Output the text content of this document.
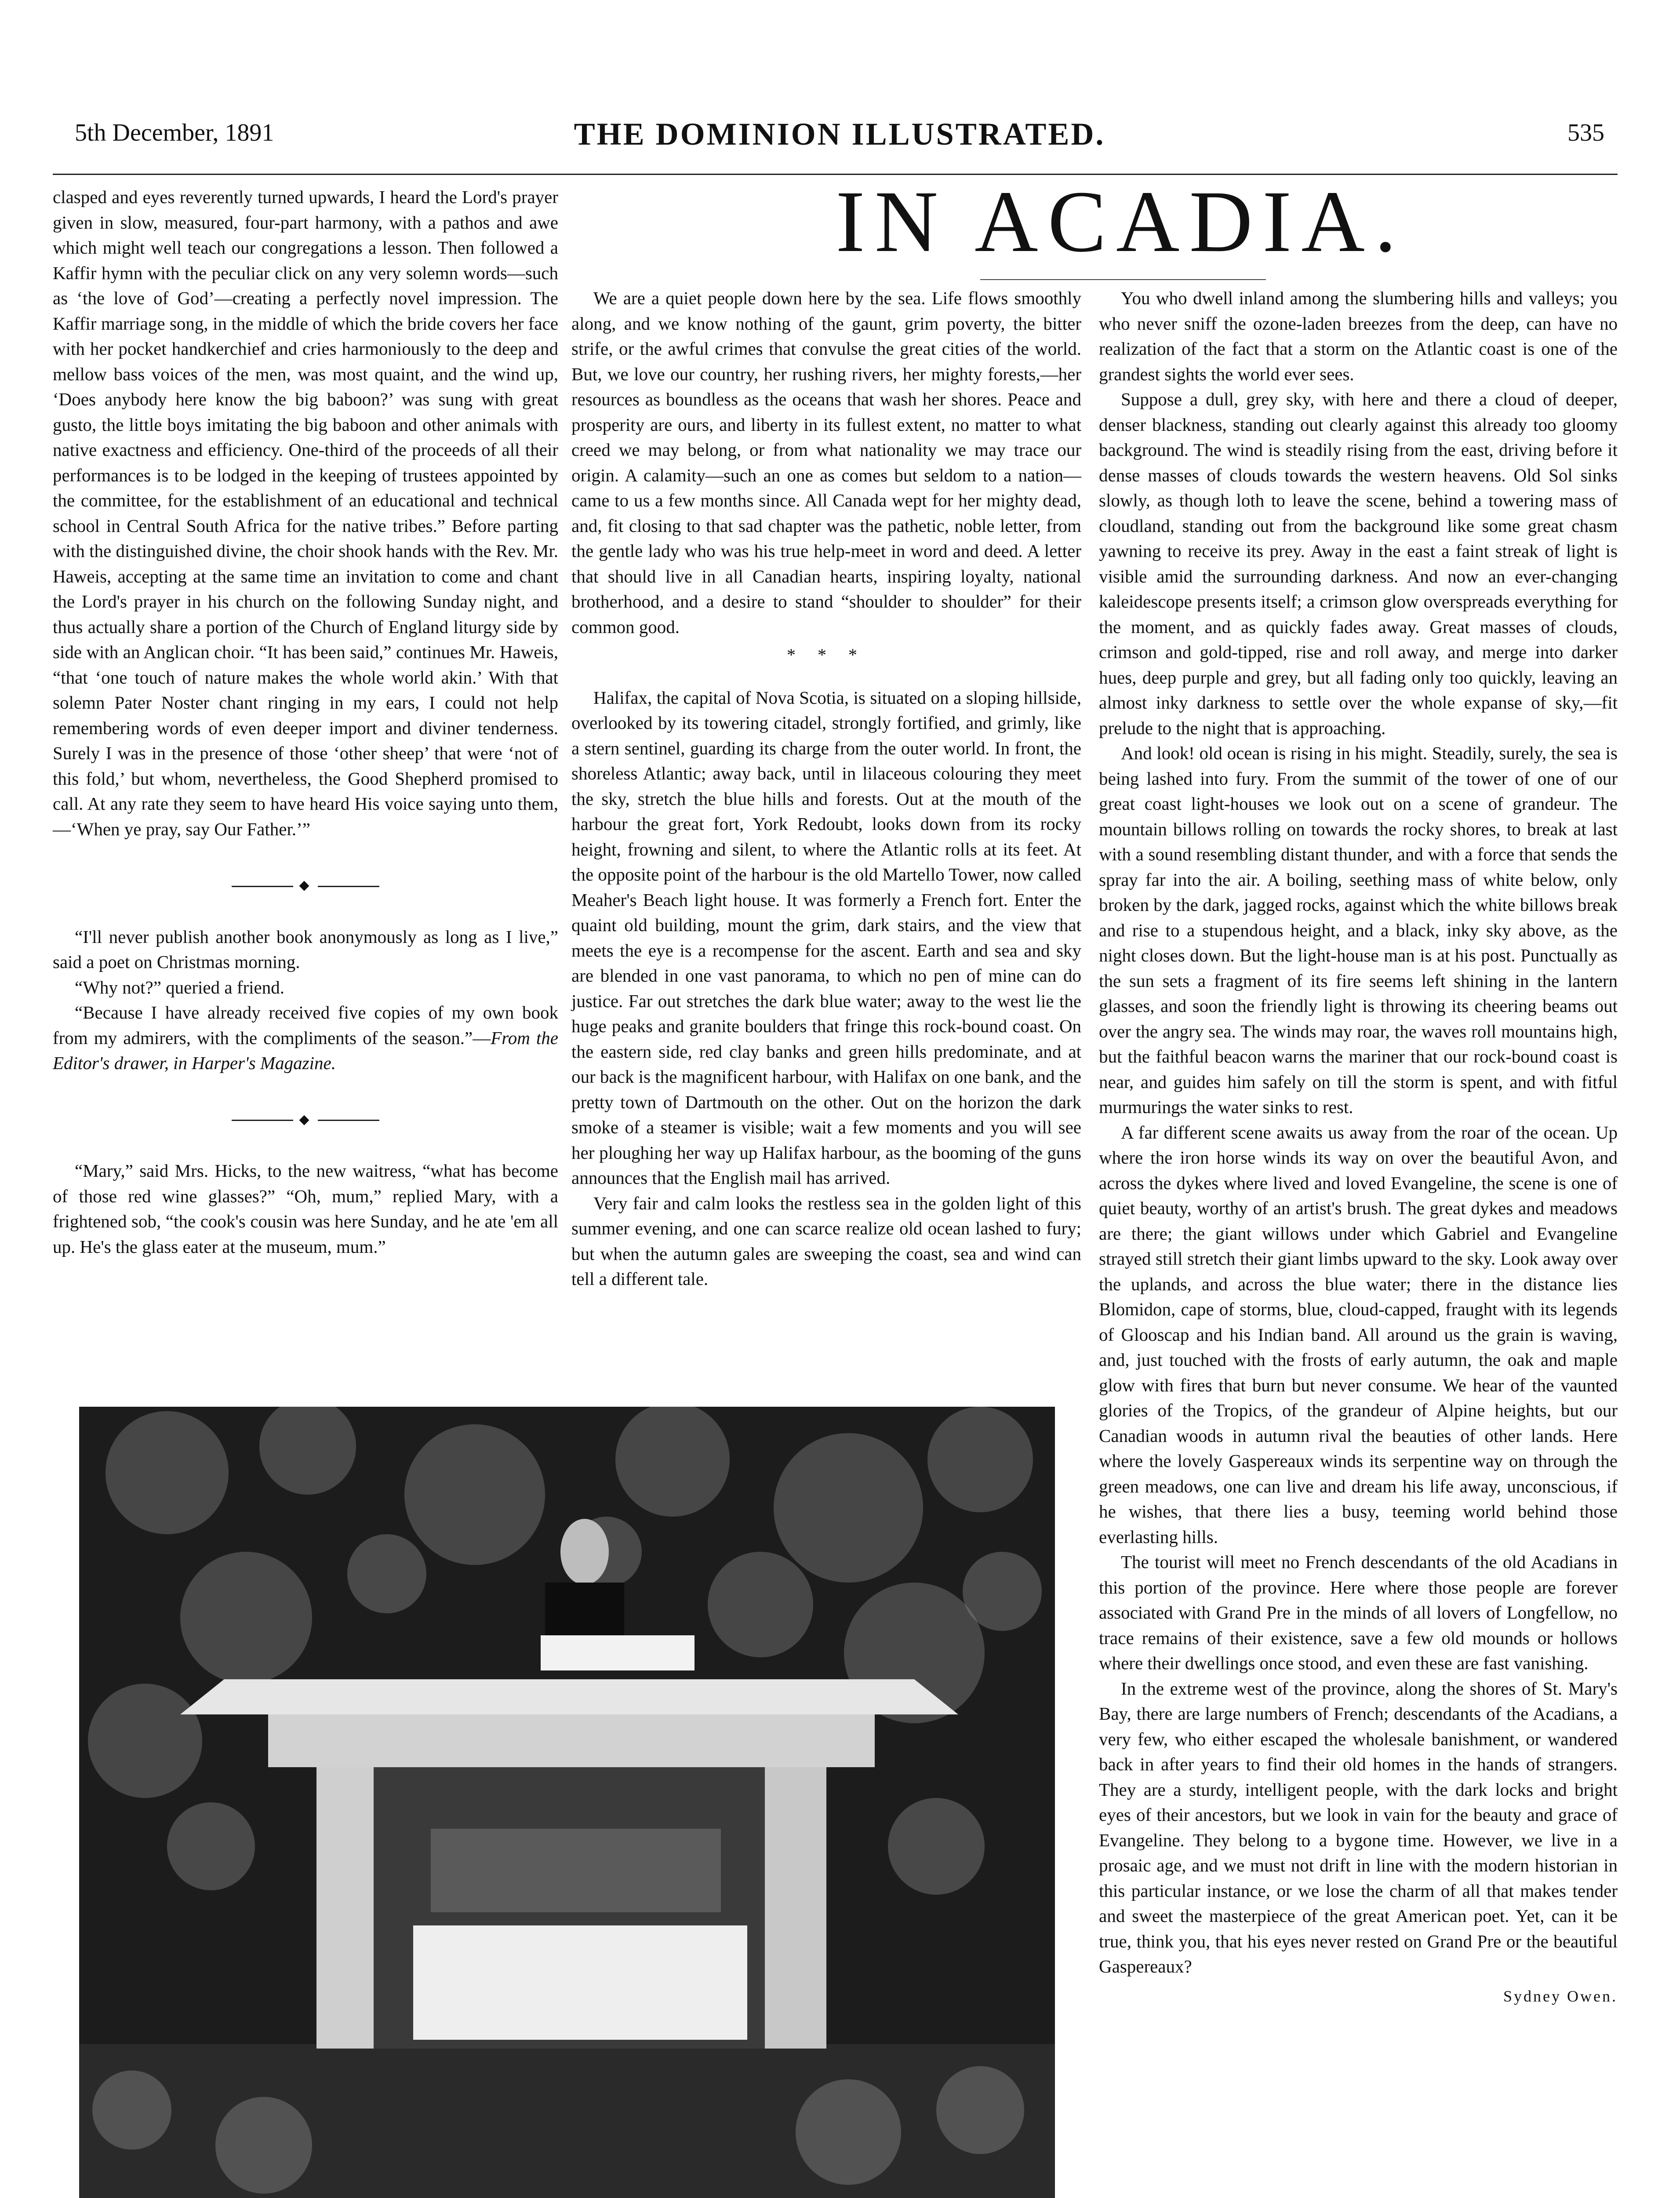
5th December, 1891	THE DOMINION ILLUSTRATED.	535

clasped and eyes reverently turned upwards, I heard the Lord's prayer given in slow, measured, four-part harmony, with a pathos and awe which might well teach our congregations a lesson. Then followed a Kaffir hymn with the peculiar click on any very solemn words—such as ‘the love of God’—creating a perfectly novel impression. The Kaffir marriage song, in the middle of which the bride covers her face with her pocket handkerchief and cries harmoniously to the deep and mellow bass voices of the men, was most quaint, and the wind up, ‘Does anybody here know the big baboon?’ was sung with great gusto, the little boys imitating the big baboon and other animals with native exactness and efficiency. One-third of the proceeds of all their performances is to be lodged in the keeping of trustees appointed by the committee, for the establishment of an educational and technical school in Central South Africa for the native tribes.” Before parting with the distinguished divine, the choir shook hands with the Rev. Mr. Haweis, accepting at the same time an invitation to come and chant the Lord's prayer in his church on the following Sunday night, and thus actually share a portion of the Church of England liturgy side by side with an Anglican choir. “It has been said,” continues Mr. Haweis, “that ‘one touch of nature makes the whole world akin.’ With that solemn Pater Noster chant ringing in my ears, I could not help remembering words of even deeper import and diviner tenderness. Surely I was in the presence of those ‘other sheep’ that were ‘not of this fold,’ but whom, nevertheless, the Good Shepherd promised to call. At any rate they seem to have heard His voice saying unto them,—‘When ye pray, say Our Father.’”

◆

“I'll never publish another book anonymously as long as I live,” said a poet on Christmas morning.

“Why not?” queried a friend.

“Because I have already received five copies of my own book from my admirers, with the compliments of the season.”—From the Editor's drawer, in Harper's Magazine.

◆

“Mary,” said Mrs. Hicks, to the new waitress, “what has become of those red wine glasses?” “Oh, mum,” replied Mary, with a frightened sob, “the cook's cousin was here Sunday, and he ate 'em all up. He's the glass eater at the museum, mum.”

IN ACADIA.

We are a quiet people down here by the sea. Life flows smoothly along, and we know nothing of the gaunt, grim poverty, the bitter strife, or the awful crimes that convulse the great cities of the world. But, we love our country, her rushing rivers, her mighty forests,—her resources as boundless as the oceans that wash her shores. Peace and prosperity are ours, and liberty in its fullest extent, no matter to what creed we may belong, or from what nationality we may trace our origin. A calamity—such an one as comes but seldom to a nation—came to us a few months since. All Canada wept for her mighty dead, and, fit closing to that sad chapter was the pathetic, noble letter, from the gentle lady who was his true help-meet in word and deed. A letter that should live in all Canadian hearts, inspiring loyalty, national brotherhood, and a desire to stand “shoulder to shoulder” for their common good.

* * *

Halifax, the capital of Nova Scotia, is situated on a sloping hillside, overlooked by its towering citadel, strongly fortified, and grimly, like a stern sentinel, guarding its charge from the outer world. In front, the shoreless Atlantic; away back, until in lilaceous colouring they meet the sky, stretch the blue hills and forests. Out at the mouth of the harbour the great fort, York Redoubt, looks down from its rocky height, frowning and silent, to where the Atlantic rolls at its feet. At the opposite point of the harbour is the old Martello Tower, now called Meaher's Beach light house. It was formerly a French fort. Enter the quaint old building, mount the grim, dark stairs, and the view that meets the eye is a recompense for the ascent. Earth and sea and sky are blended in one vast panorama, to which no pen of mine can do justice. Far out stretches the dark blue water; away to the west lie the huge peaks and granite boulders that fringe this rock-bound coast. On the eastern side, red clay banks and green hills predominate, and at our back is the magnificent harbour, with Halifax on one bank, and the pretty town of Dartmouth on the other. Out on the horizon the dark smoke of a steamer is visible; wait a few moments and you will see her ploughing her way up Halifax harbour, as the booming of the guns announces that the English mail has arrived.

Very fair and calm looks the restless sea in the golden light of this summer evening, and one can scarce realize old ocean lashed to fury; but when the autumn gales are sweeping the coast, sea and wind can tell a different tale.

You who dwell inland among the slumbering hills and valleys; you who never sniff the ozone-laden breezes from the deep, can have no realization of the fact that a storm on the Atlantic coast is one of the grandest sights the world ever sees.

Suppose a dull, grey sky, with here and there a cloud of deeper, denser blackness, standing out clearly against this already too gloomy background. The wind is steadily rising from the east, driving before it dense masses of clouds towards the western heavens. Old Sol sinks slowly, as though loth to leave the scene, behind a towering mass of cloudland, standing out from the background like some great chasm yawning to receive its prey. Away in the east a faint streak of light is visible amid the surrounding darkness. And now an ever-changing kaleidescope presents itself; a crimson glow overspreads everything for the moment, and as quickly fades away. Great masses of clouds, crimson and gold-tipped, rise and roll away, and merge into darker hues, deep purple and grey, but all fading only too quickly, leaving an almost inky darkness to settle over the whole expanse of sky,—fit prelude to the night that is approaching.

And look! old ocean is rising in his might. Steadily, surely, the sea is being lashed into fury. From the summit of the tower of one of our great coast light-houses we look out on a scene of grandeur. The mountain billows rolling on towards the rocky shores, to break at last with a sound resembling distant thunder, and with a force that sends the spray far into the air. A boiling, seething mass of white below, only broken by the dark, jagged rocks, against which the white billows break and rise to a stupendous height, and a black, inky sky above, as the night closes down. But the light-house man is at his post. Punctually as the sun sets a fragment of its fire seems left shining in the lantern glasses, and soon the friendly light is throwing its cheering beams out over the angry sea. The winds may roar, the waves roll mountains high, but the faithful beacon warns the mariner that our rock-bound coast is near, and guides him safely on till the storm is spent, and with fitful murmurings the water sinks to rest.

A far different scene awaits us away from the roar of the ocean. Up where the iron horse winds its way on over the beautiful Avon, and across the dykes where lived and loved Evangeline, the scene is one of quiet beauty, worthy of an artist's brush. The great dykes and meadows are there; the giant willows under which Gabriel and Evangeline strayed still stretch their giant limbs upward to the sky. Look away over the uplands, and across the blue water; there in the distance lies Blomidon, cape of storms, blue, cloud-capped, fraught with its legends of Glooscap and his Indian band. All around us the grain is waving, and, just touched with the frosts of early autumn, the oak and maple glow with fires that burn but never consume. We hear of the vaunted glories of the Tropics, of the grandeur of Alpine heights, but our Canadian woods in autumn rival the beauties of other lands. Here where the lovely Gaspereaux winds its serpentine way on through the green meadows, one can live and dream his life away, unconscious, if he wishes, that there lies a busy, teeming world behind those everlasting hills.

The tourist will meet no French descendants of the old Acadians in this portion of the province. Here where those people are forever associated with Grand Pre in the minds of all lovers of Longfellow, no trace remains of their existence, save a few old mounds or hollows where their dwellings once stood, and even these are fast vanishing.

In the extreme west of the province, along the shores of St. Mary's Bay, there are large numbers of French; descendants of the Acadians, a very few, who either escaped the wholesale banishment, or wandered back in after years to find their old homes in the hands of strangers. They are a sturdy, intelligent people, with the dark locks and bright eyes of their ancestors, but we look in vain for the beauty and grace of Evangeline. They belong to a bygone time. However, we live in a prosaic age, and we must not drift in line with the modern historian in this particular instance, or we lose the charm of all that makes tender and sweet the masterpiece of the great American poet. Yet, can it be true, think you, that his eyes never rested on Grand Pre or the beautiful Gaspereaux?

Sydney Owen.
